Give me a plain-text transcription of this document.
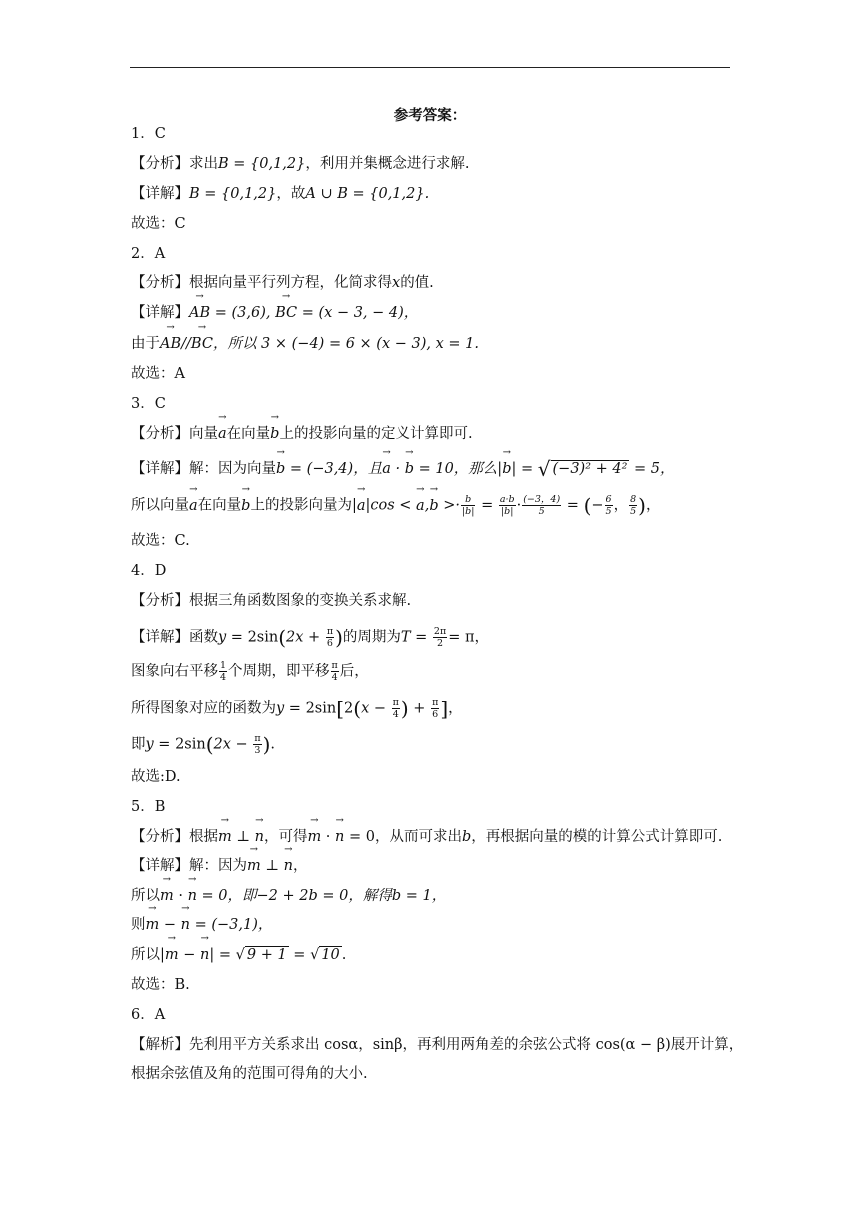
参考答案：
1．C
【分析】求出B = {0,1,2}，利用并集概念进行求解.
【详解】B = {0,1,2}，故A ∪ B = {0,1,2}.
故选：C
2．A
【分析】根据向量平行列方程，化简求得x的值.
【详解】→ AB = (3,6), → BC = (x − 3, − 4)，
由于→ AB//→ BC，所以 3 × (−4) = 6 × (x − 3), x = 1.
故选：A
3．C
【分析】向量→ a在向量→ b上的投影向量的定义计算即可.
【详解】解：因为向量→ b = (−3,4)，且→ a · → b = 10，那么|→ b| = √ (−3)² + 4² = 5，
所以向量→ a在向量→ b上的投影向量为|→ a|cos < → $a,\to b >\cdot \frac{b}{|b|} = \frac{a\cdot b}{|b|} \cdot \frac{(-3,4)}{5}$ = (− $\frac{6}{5}$ ， $\frac{8}{5}$ )，
故选：C.
4．D
【分析】根据三角函数图象的变换关系求解.
【详解】函数$y = 2\sin(2x + \frac{\pi}{6}$ )的周期为$T = \frac{2\pi}{2} = \pi$，
图象向右平移 $\frac{1}{4}$ 个周期，即平移 $\frac{\pi}{4}$ 后，
所得图象对应的函数为$y = 2\sin[2(x - \frac{\pi}{4}$ ) + $\frac{\pi}{6}$ ]，
即$y = 2\sin(2x - \frac{\pi}{3}$ ).
故选:D.
5．B
【分析】根据→ m ⊥ → n，可得→ m · → n = 0，从而可求出b，再根据向量的模的计算公式计算即可.
【详解】解：因为→ m ⊥ → n，
所以→ m · → n = 0，即−2 + 2b = 0，解得b = 1，
则→ m − → n = (−3,1)，
所以|→ m − → n| = √ 9 + 1 = √ 10 .
故选：B.
6．A
【解析】先利用平方关系求出 cosα，sinβ，再利用两角差的余弦公式将 cos(α − β)展开计算，
根据余弦值及角的范围可得角的大小.
